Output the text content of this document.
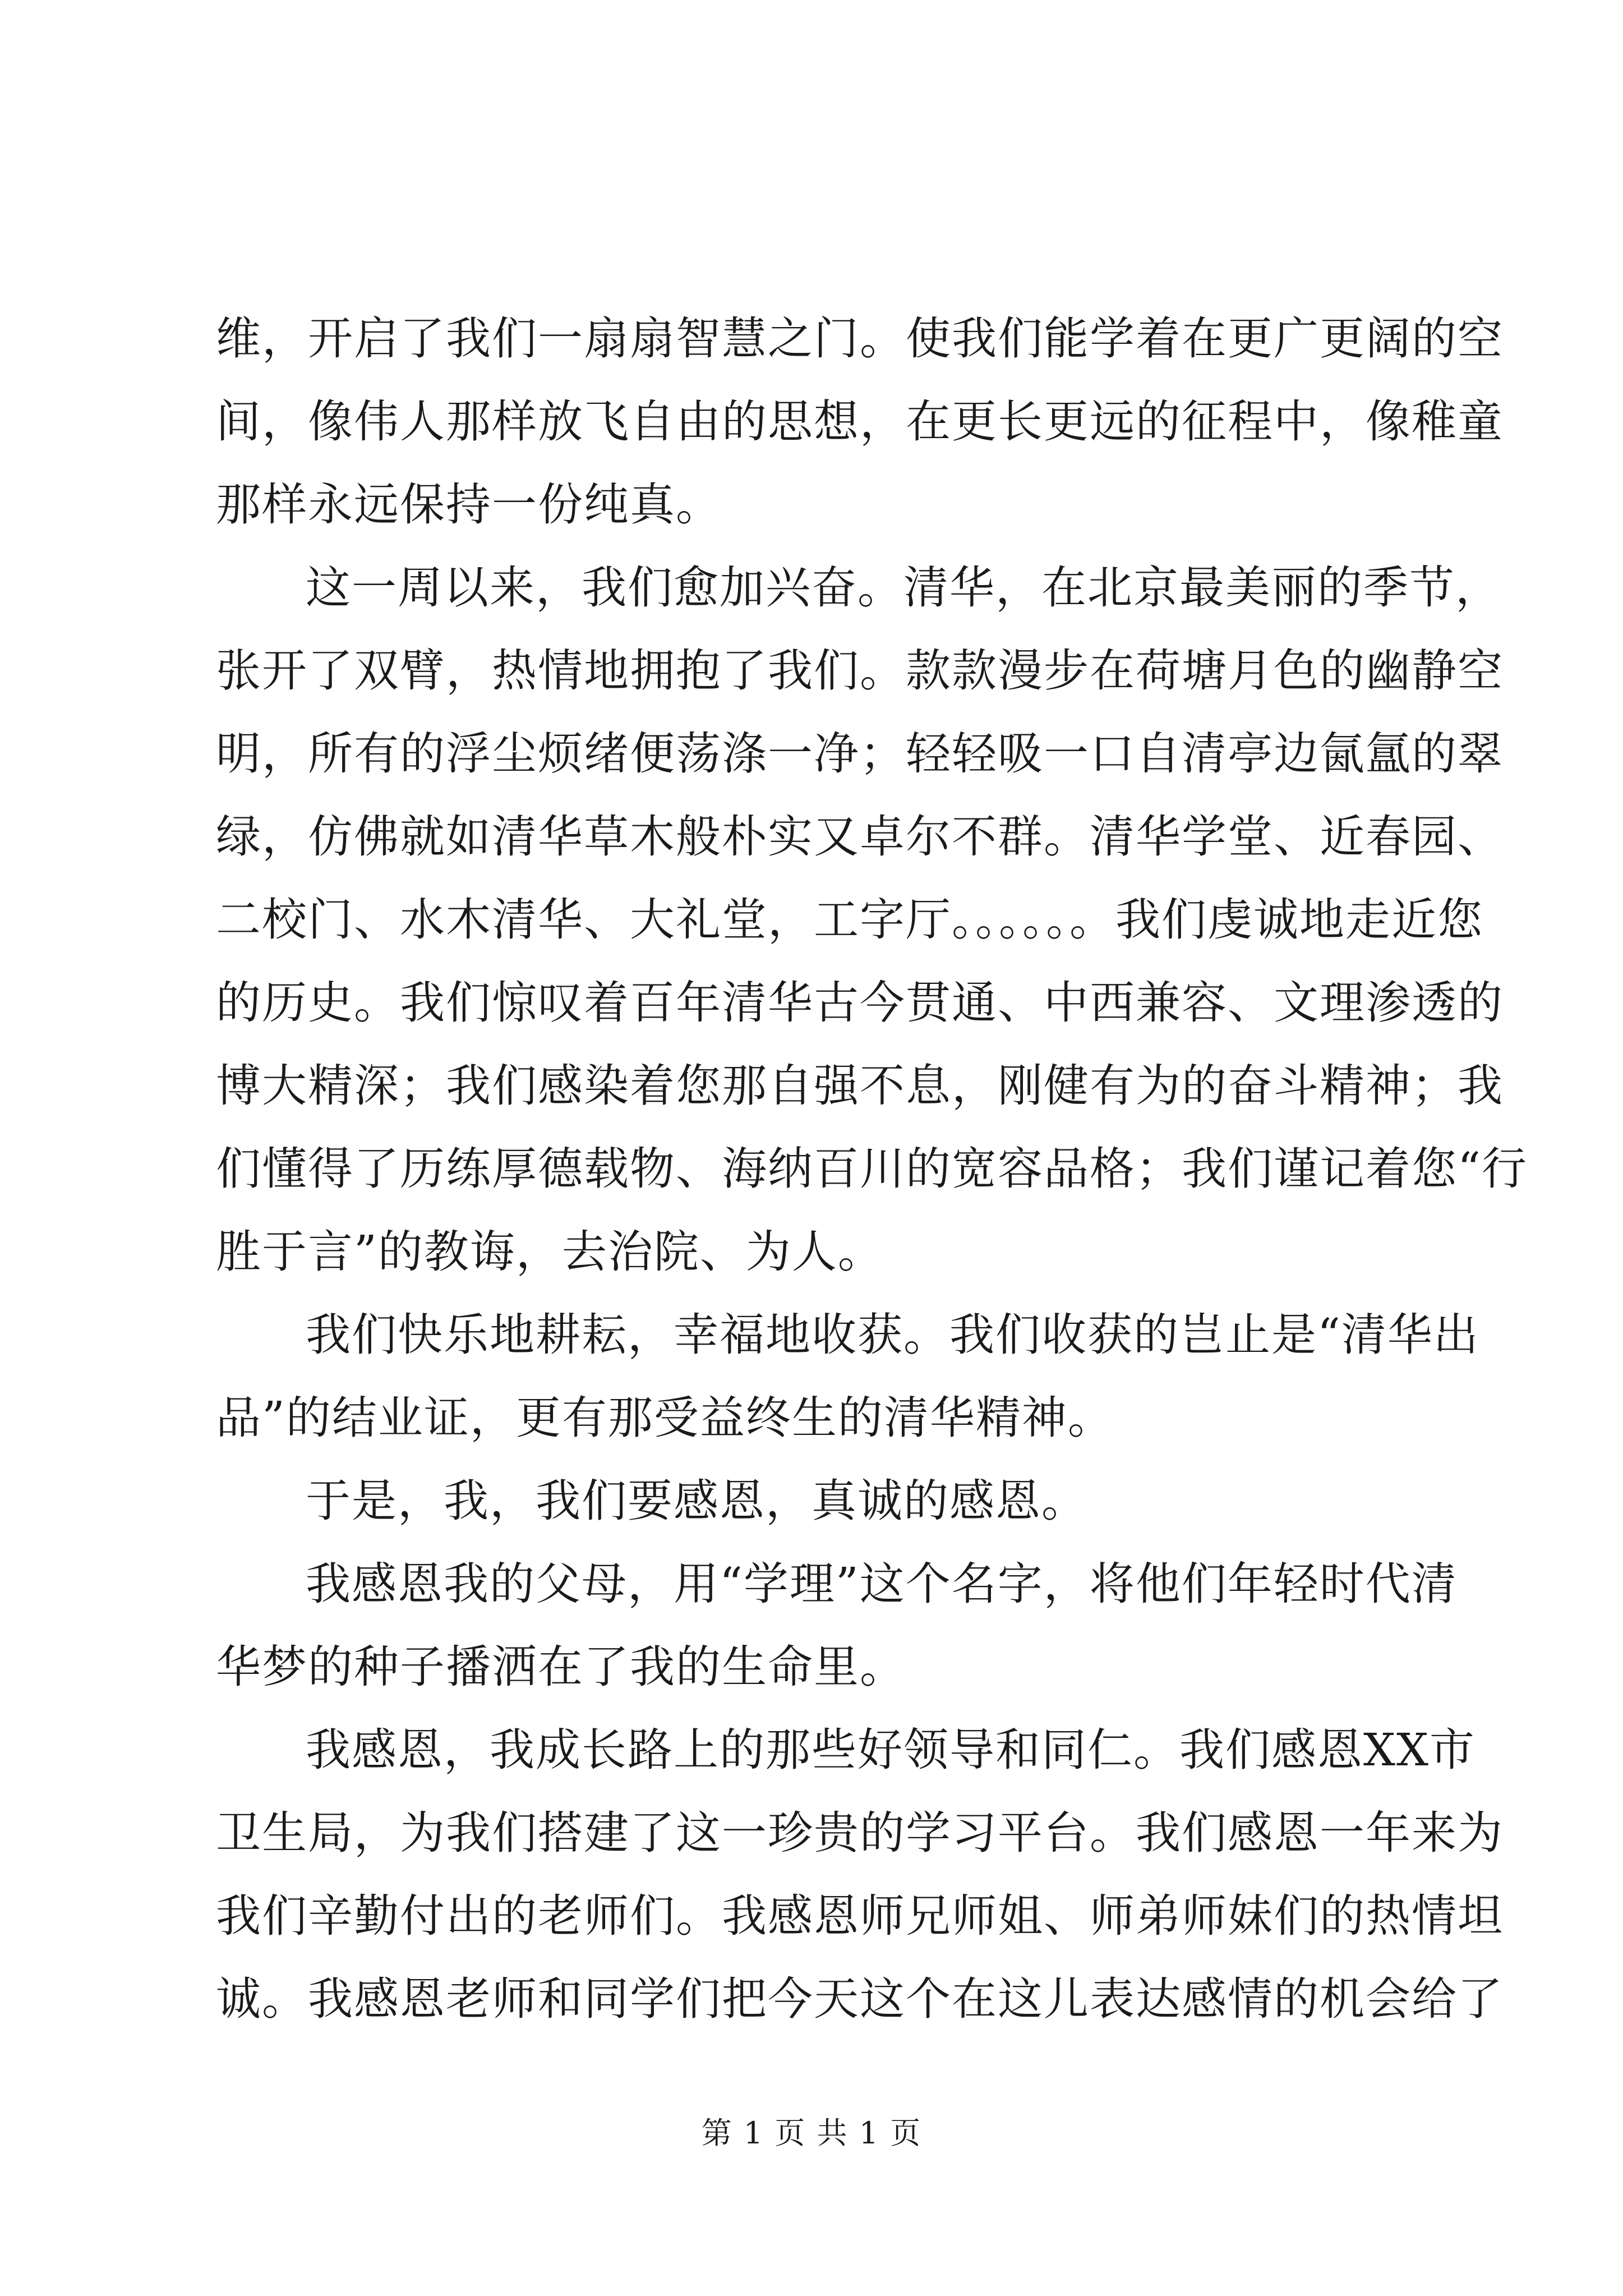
维，开启了我们一扇扇智慧之门。使我们能学着在更广更阔的空
间，像伟人那样放飞自由的思想，在更长更远的征程中，像稚童
那样永远保持一份纯真。
这一周以来，我们愈加兴奋。清华，在北京最美丽的季节，
张开了双臂，热情地拥抱了我们。款款漫步在荷塘月色的幽静空
明，所有的浮尘烦绪便荡涤一净；轻轻吸一口自清亭边氤氲的翠
绿，仿佛就如清华草木般朴实又卓尔不群。清华学堂、近春园、
二校门、水木清华、大礼堂，工字厅。。。。。。我们虔诚地走近您
的历史。我们惊叹着百年清华古今贯通、中西兼容、文理渗透的
博大精深；我们感染着您那自强不息，刚健有为的奋斗精神；我
们懂得了历练厚德载物、海纳百川的宽容品格；我们谨记着您“行
胜于言”的教诲，去治院、为人。
我们快乐地耕耘，幸福地收获。我们收获的岂止是“清华出
品”的结业证，更有那受益终生的清华精神。
于是，我，我们要感恩，真诚的感恩。
我感恩我的父母，用“学理”这个名字，将他们年轻时代清
华梦的种子播洒在了我的生命里。
我感恩，我成长路上的那些好领导和同仁。我们感恩XX市
卫生局，为我们搭建了这一珍贵的学习平台。我们感恩一年来为
我们辛勤付出的老师们。我感恩师兄师姐、师弟师妹们的热情坦
诚。我感恩老师和同学们把今天这个在这儿表达感情的机会给了
第 1 页 共 1 页
